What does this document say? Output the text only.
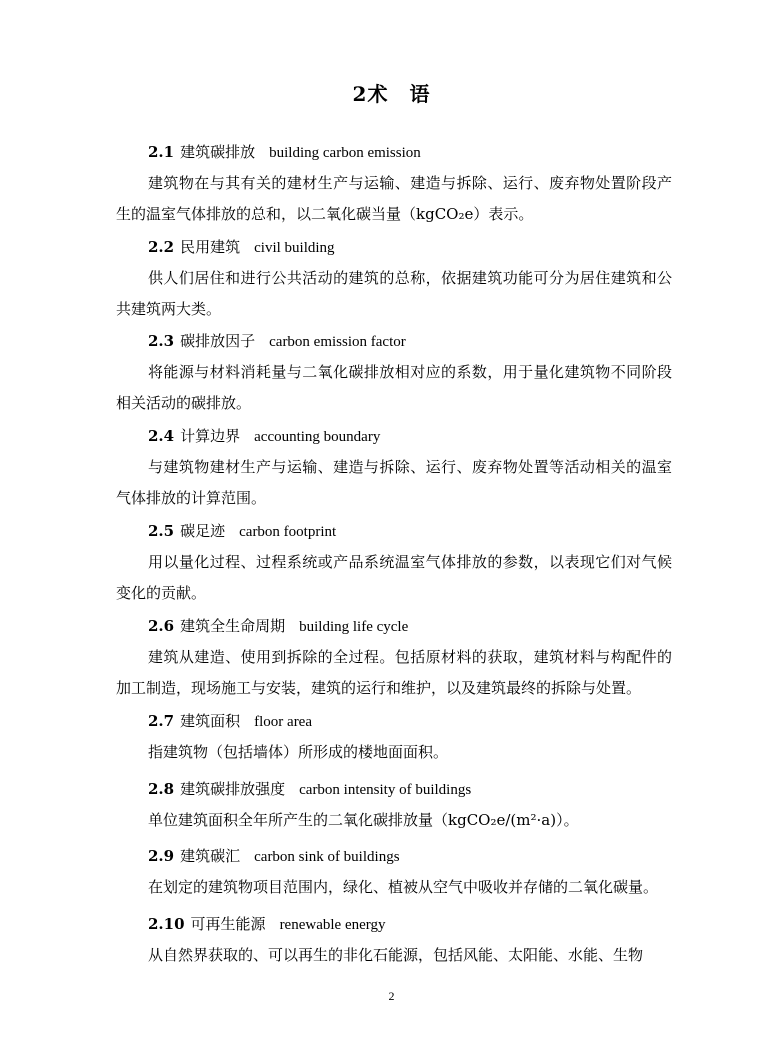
2术　语
2.1 建筑碳排放 building carbon emission
建筑物在与其有关的建材生产与运输、建造与拆除、运行、废弃物处置阶段产生的温室气体排放的总和，以二氧化碳当量（kgCO₂e）表示。
2.2 民用建筑 civil building
供人们居住和进行公共活动的建筑的总称，依据建筑功能可分为居住建筑和公共建筑两大类。
2.3 碳排放因子 carbon emission factor
将能源与材料消耗量与二氧化碳排放相对应的系数，用于量化建筑物不同阶段相关活动的碳排放。
2.4 计算边界 accounting boundary
与建筑物建材生产与运输、建造与拆除、运行、废弃物处置等活动相关的温室气体排放的计算范围。
2.5 碳足迹 carbon footprint
用以量化过程、过程系统或产品系统温室气体排放的参数，以表现它们对气候变化的贡献。
2.6 建筑全生命周期 building life cycle
建筑从建造、使用到拆除的全过程。包括原材料的获取，建筑材料与构配件的加工制造，现场施工与安装，建筑的运行和维护，以及建筑最终的拆除与处置。
2.7 建筑面积 floor area
指建筑物（包括墙体）所形成的楼地面面积。
2.8 建筑碳排放强度 carbon intensity of buildings
单位建筑面积全年所产生的二氧化碳排放量（kgCO₂e/(m²·a)）。
2.9 建筑碳汇 carbon sink of buildings
在划定的建筑物项目范围内，绿化、植被从空气中吸收并存储的二氧化碳量。
2.10 可再生能源 renewable energy
从自然界获取的、可以再生的非化石能源，包括风能、太阳能、水能、生物
2
